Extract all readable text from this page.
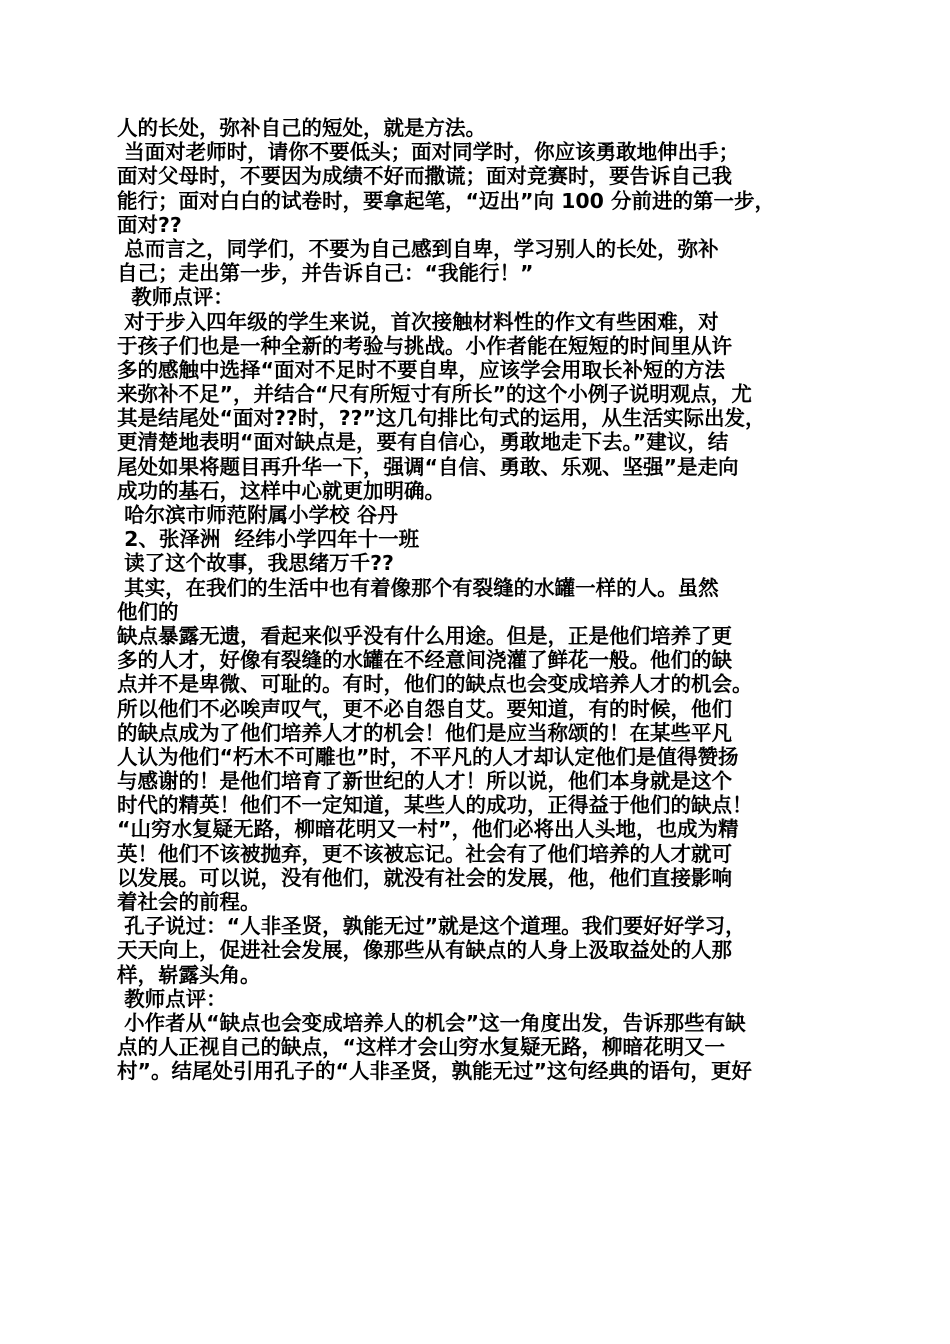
人的长处，弥补自己的短处，就是方法。
当面对老师时，请你不要低头；面对同学时，你应该勇敢地伸出手；
面对父母时，不要因为成绩不好而撒谎；面对竞赛时，要告诉自己我
能行；面对白白的试卷时，要拿起笔，“迈出”向 100 分前进的第一步，
面对??
总而言之，同学们，不要为自己感到自卑，学习别人的长处，弥补
自己；走出第一步，并告诉自己：“我能行！”
教师点评：
对于步入四年级的学生来说，首次接触材料性的作文有些困难，对
于孩子们也是一种全新的考验与挑战。小作者能在短短的时间里从许
多的感触中选择“面对不足时不要自卑，应该学会用取长补短的方法
来弥补不足”，并结合“尺有所短寸有所长”的这个小例子说明观点，尤
其是结尾处“面对??时，??”这几句排比句式的运用，从生活实际出发，
更清楚地表明“面对缺点是，要有自信心，勇敢地走下去。”建议，结
尾处如果将题目再升华一下，强调“自信、勇敢、乐观、坚强”是走向
成功的基石，这样中心就更加明确。
哈尔滨市师范附属小学校 谷丹
2、张泽洲  经纬小学四年十一班
读了这个故事，我思绪万千??
其实，在我们的生活中也有着像那个有裂缝的水罐一样的人。虽然
他们的
缺点暴露无遗，看起来似乎没有什么用途。但是，正是他们培养了更
多的人才，好像有裂缝的水罐在不经意间浇灌了鲜花一般。他们的缺
点并不是卑微、可耻的。有时，他们的缺点也会变成培养人才的机会。
所以他们不必唉声叹气，更不必自怨自艾。要知道，有的时候，他们
的缺点成为了他们培养人才的机会！他们是应当称颂的！在某些平凡
人认为他们“朽木不可雕也”时，不平凡的人才却认定他们是值得赞扬
与感谢的！是他们培育了新世纪的人才！所以说，他们本身就是这个
时代的精英！他们不一定知道，某些人的成功，正得益于他们的缺点！
“山穷水复疑无路，柳暗花明又一村”，他们必将出人头地，也成为精
英！他们不该被抛弃，更不该被忘记。社会有了他们培养的人才就可
以发展。可以说，没有他们，就没有社会的发展，他，他们直接影响
着社会的前程。
孔子说过：“人非圣贤，孰能无过”就是这个道理。我们要好好学习，
天天向上，促进社会发展，像那些从有缺点的人身上汲取益处的人那
样，崭露头角。
教师点评：
小作者从“缺点也会变成培养人的机会”这一角度出发，告诉那些有缺
点的人正视自己的缺点，“这样才会山穷水复疑无路，柳暗花明又一
村”。结尾处引用孔子的“人非圣贤，孰能无过”这句经典的语句，更好
